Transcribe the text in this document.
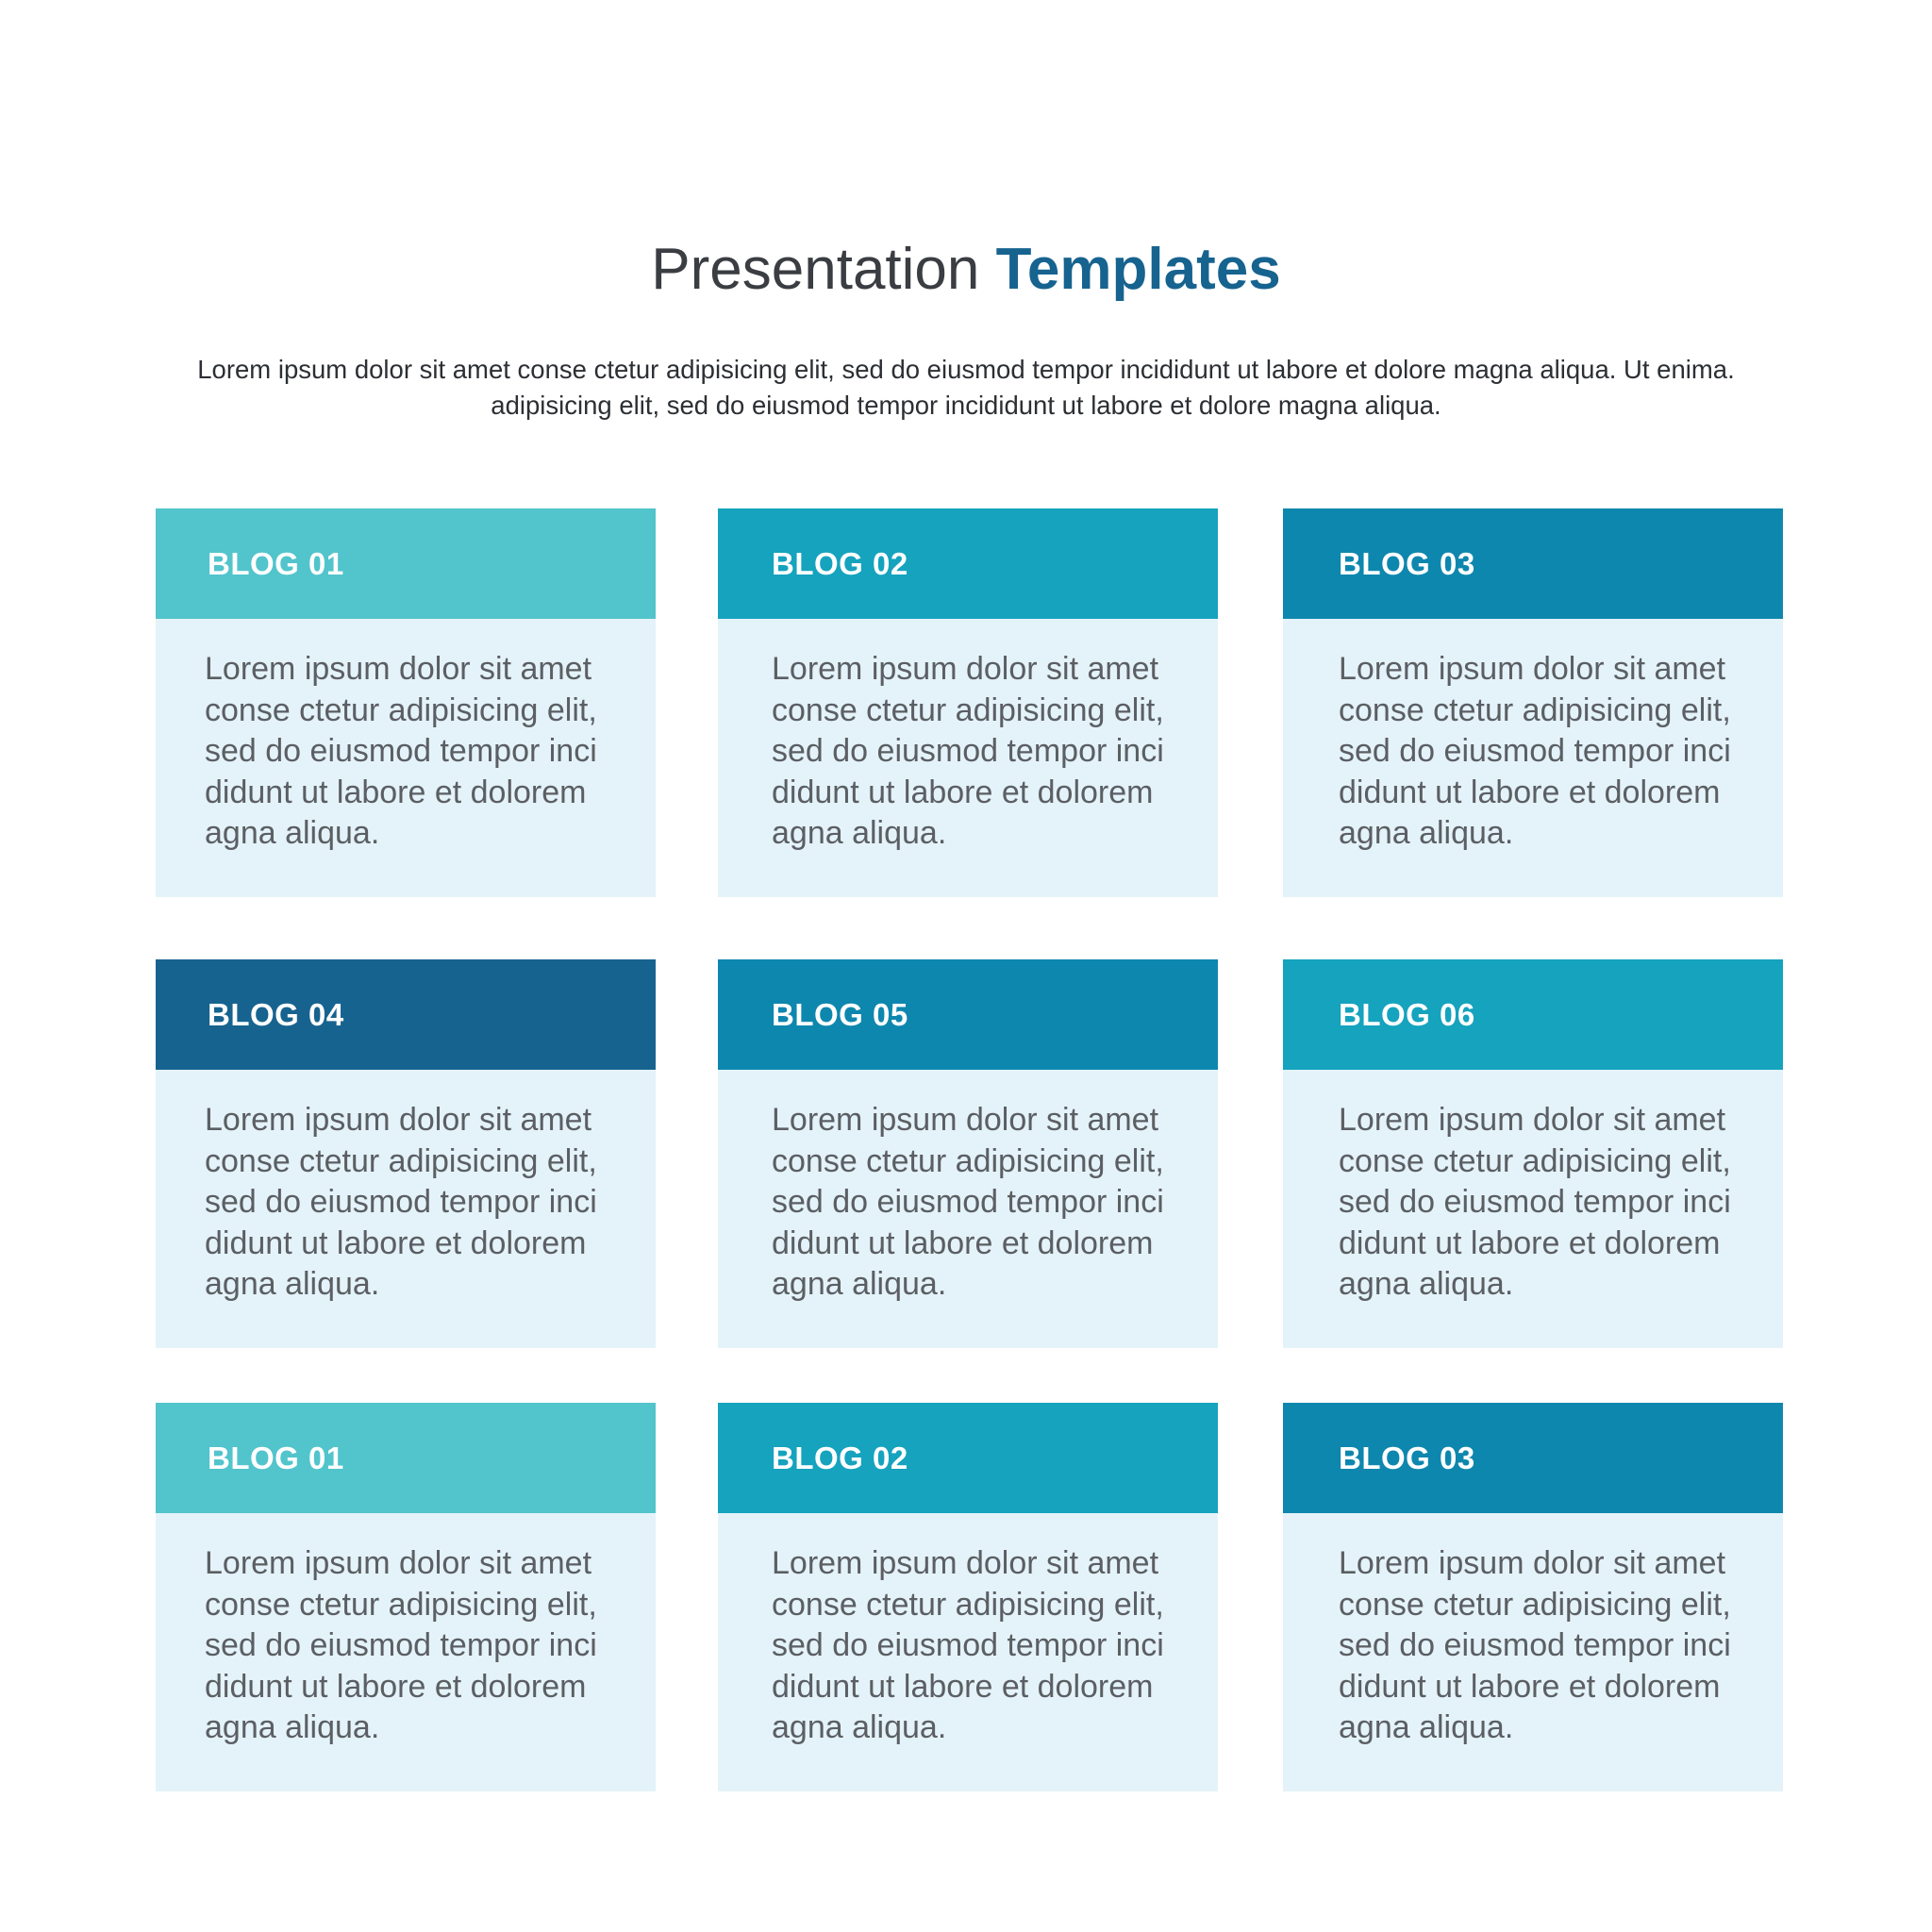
Presentation Templates
Lorem ipsum dolor sit amet conse ctetur adipisicing elit, sed do eiusmod tempor incididunt ut labore et dolore magna aliqua. Ut enima.
adipisicing elit, sed do eiusmod tempor incididunt ut labore et dolore magna aliqua.
BLOG 01
Lorem ipsum dolor sit amet
conse ctetur adipisicing elit,
sed do eiusmod tempor inci
didunt ut labore et dolorem
agna aliqua.
BLOG 02
Lorem ipsum dolor sit amet
conse ctetur adipisicing elit,
sed do eiusmod tempor inci
didunt ut labore et dolorem
agna aliqua.
BLOG 03
Lorem ipsum dolor sit amet
conse ctetur adipisicing elit,
sed do eiusmod tempor inci
didunt ut labore et dolorem
agna aliqua.
BLOG 04
Lorem ipsum dolor sit amet
conse ctetur adipisicing elit,
sed do eiusmod tempor inci
didunt ut labore et dolorem
agna aliqua.
BLOG 05
Lorem ipsum dolor sit amet
conse ctetur adipisicing elit,
sed do eiusmod tempor inci
didunt ut labore et dolorem
agna aliqua.
BLOG 06
Lorem ipsum dolor sit amet
conse ctetur adipisicing elit,
sed do eiusmod tempor inci
didunt ut labore et dolorem
agna aliqua.
BLOG 01
Lorem ipsum dolor sit amet
conse ctetur adipisicing elit,
sed do eiusmod tempor inci
didunt ut labore et dolorem
agna aliqua.
BLOG 02
Lorem ipsum dolor sit amet
conse ctetur adipisicing elit,
sed do eiusmod tempor inci
didunt ut labore et dolorem
agna aliqua.
BLOG 03
Lorem ipsum dolor sit amet
conse ctetur adipisicing elit,
sed do eiusmod tempor inci
didunt ut labore et dolorem
agna aliqua.
